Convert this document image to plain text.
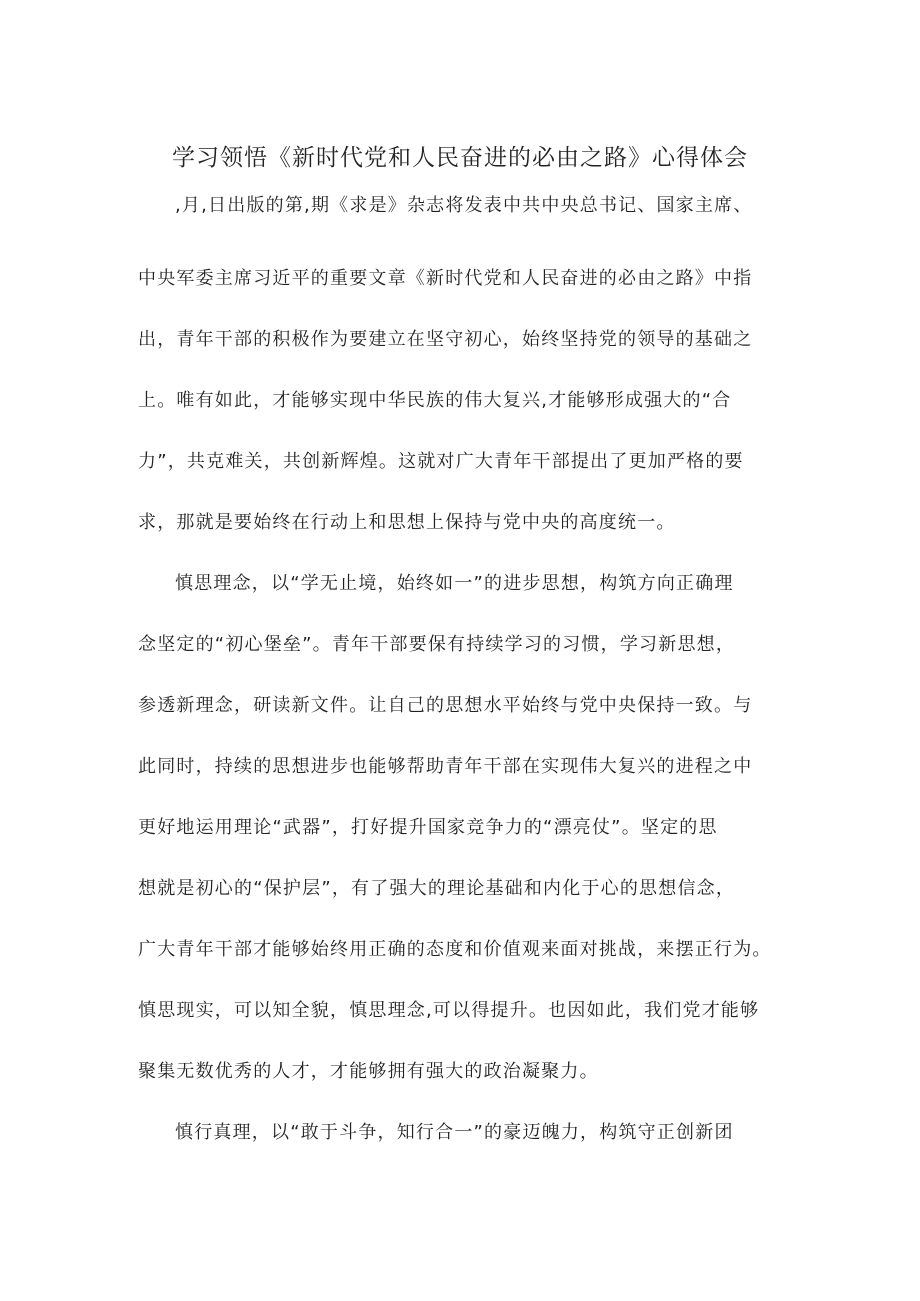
学习领悟《新时代党和人民奋进的必由之路》心得体会
,月,日出版的第,期《求是》杂志将发表中共中央总书记、国家主席、
中央军委主席习近平的重要文章《新时代党和人民奋进的必由之路》中指
出，青年干部的积极作为要建立在坚守初心，始终坚持党的领导的基础之
上。唯有如此，才能够实现中华民族的伟大复兴,才能够形成强大的“合
力”，共克难关，共创新辉煌。这就对广大青年干部提出了更加严格的要
求，那就是要始终在行动上和思想上保持与党中央的高度统一。
慎思理念，以“学无止境，始终如一”的进步思想，构筑方向正确理
念坚定的“初心堡垒”。青年干部要保有持续学习的习惯，学习新思想，
参透新理念，研读新文件。让自己的思想水平始终与党中央保持一致。与
此同时，持续的思想进步也能够帮助青年干部在实现伟大复兴的进程之中
更好地运用理论“武器”，打好提升国家竞争力的“漂亮仗”。坚定的思
想就是初心的“保护层”，有了强大的理论基础和内化于心的思想信念，
广大青年干部才能够始终用正确的态度和价值观来面对挑战，来摆正行为。
慎思现实，可以知全貌，慎思理念,可以得提升。也因如此，我们党才能够
聚集无数优秀的人才，才能够拥有强大的政治凝聚力。
慎行真理，以“敢于斗争，知行合一”的豪迈魄力，构筑守正创新团
